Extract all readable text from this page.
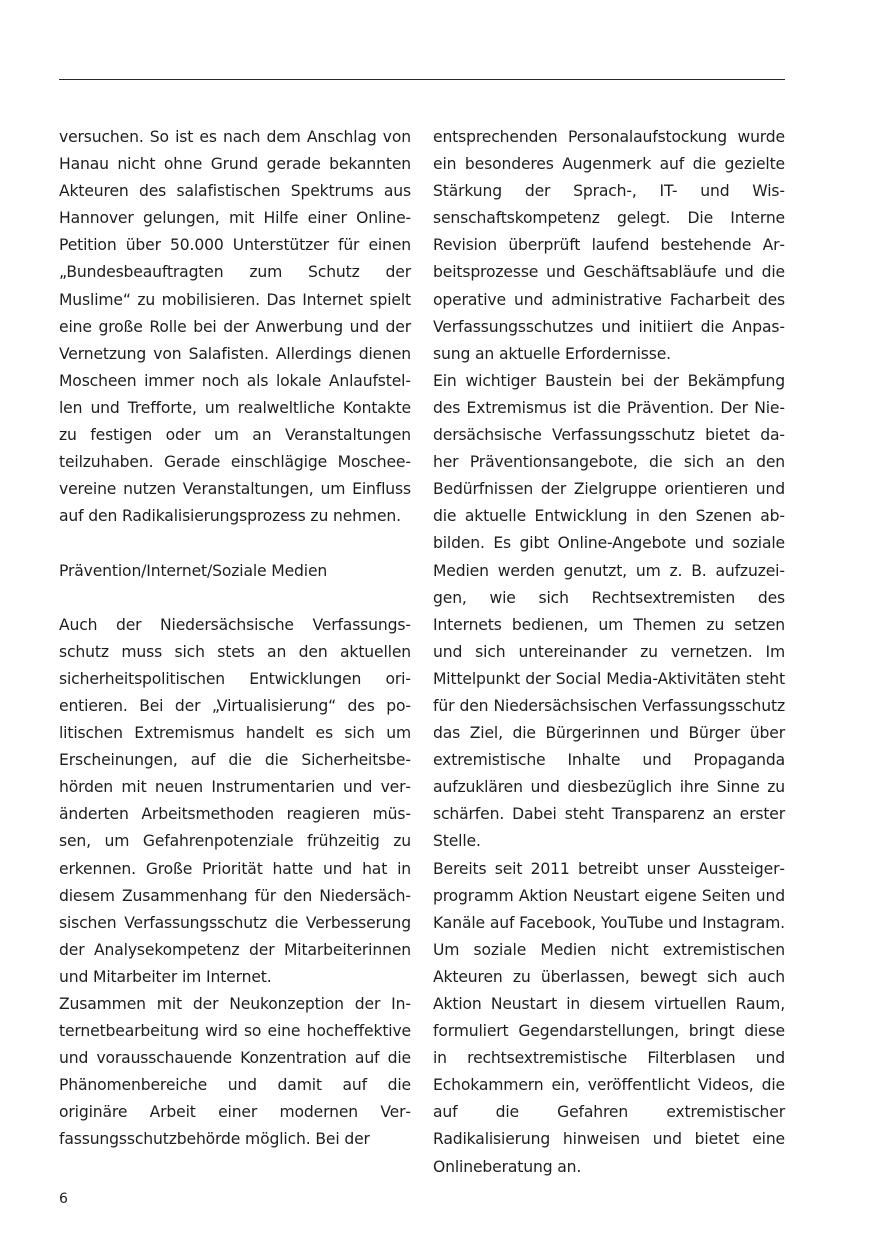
versuchen. So ist es nach dem Anschlag von Hanau nicht ohne Grund gerade bekannten Akteuren des salafistischen Spektrums aus Hannover gelungen, mit Hilfe einer Online-Petition über 50.000 Unterstützer für einen „Bundesbeauftragten zum Schutz der Muslime“ zu mobilisieren. Das Internet spielt eine große Rolle bei der Anwerbung und der Vernetzung von Salafisten. Allerdings dienen Moscheen immer noch als lokale Anlaufstellen und Trefforte, um realweltliche Kontakte zu festigen oder um an Veranstaltungen teilzuhaben. Gerade einschlägige Moscheevereine nutzen Veranstaltungen, um Einfluss auf den Radikalisierungsprozess zu nehmen.

Prävention/Internet/Soziale Medien

Auch der Niedersächsische Verfassungsschutz muss sich stets an den aktuellen sicherheitspolitischen Entwicklungen orientieren. Bei der „Virtualisierung“ des politischen Extremismus handelt es sich um Erscheinungen, auf die die Sicherheitsbehörden mit neuen Instrumentarien und veränderten Arbeitsmethoden reagieren müssen, um Gefahrenpotenziale frühzeitig zu erkennen. Große Priorität hatte und hat in diesem Zusammenhang für den Niedersächsischen Verfassungsschutz die Verbesserung der Analysekompetenz der Mitarbeiterinnen und Mitarbeiter im Internet.

Zusammen mit der Neukonzeption der Internetbearbeitung wird so eine hocheffektive und vorausschauende Konzentration auf die Phänomenbereiche und damit auf die originäre Arbeit einer modernen Verfassungsschutzbehörde möglich. Bei der

entsprechenden Personalaufstockung wurde ein besonderes Augenmerk auf die gezielte Stärkung der Sprach-, IT- und Wissenschaftskompetenz gelegt. Die Interne Revision überprüft laufend bestehende Arbeitsprozesse und Geschäftsabläufe und die operative und administrative Facharbeit des Verfassungsschutzes und initiiert die Anpassung an aktuelle Erfordernisse.

Ein wichtiger Baustein bei der Bekämpfung des Extremismus ist die Prävention. Der Niedersächsische Verfassungsschutz bietet daher Präventionsangebote, die sich an den Bedürfnissen der Zielgruppe orientieren und die aktuelle Entwicklung in den Szenen abbilden. Es gibt Online-Angebote und soziale Medien werden genutzt, um z. B. aufzuzeigen, wie sich Rechtsextremisten des Internets bedienen, um Themen zu setzen und sich untereinander zu vernetzen. Im Mittelpunkt der Social Media-Aktivitäten steht für den Niedersächsischen Verfassungsschutz das Ziel, die Bürgerinnen und Bürger über extremistische Inhalte und Propaganda aufzuklären und diesbezüglich ihre Sinne zu schärfen. Dabei steht Transparenz an erster Stelle.

Bereits seit 2011 betreibt unser Aussteigerprogramm Aktion Neustart eigene Seiten und Kanäle auf Facebook, YouTube und Instagram. Um soziale Medien nicht extremistischen Akteuren zu überlassen, bewegt sich auch Aktion Neustart in diesem virtuellen Raum, formuliert Gegendarstellungen, bringt diese in rechtsextremistische Filterblasen und Echokammern ein, veröffentlicht Videos, die auf die Gefahren extremistischer Radikalisierung hinweisen und bietet eine Onlineberatung an.

6
